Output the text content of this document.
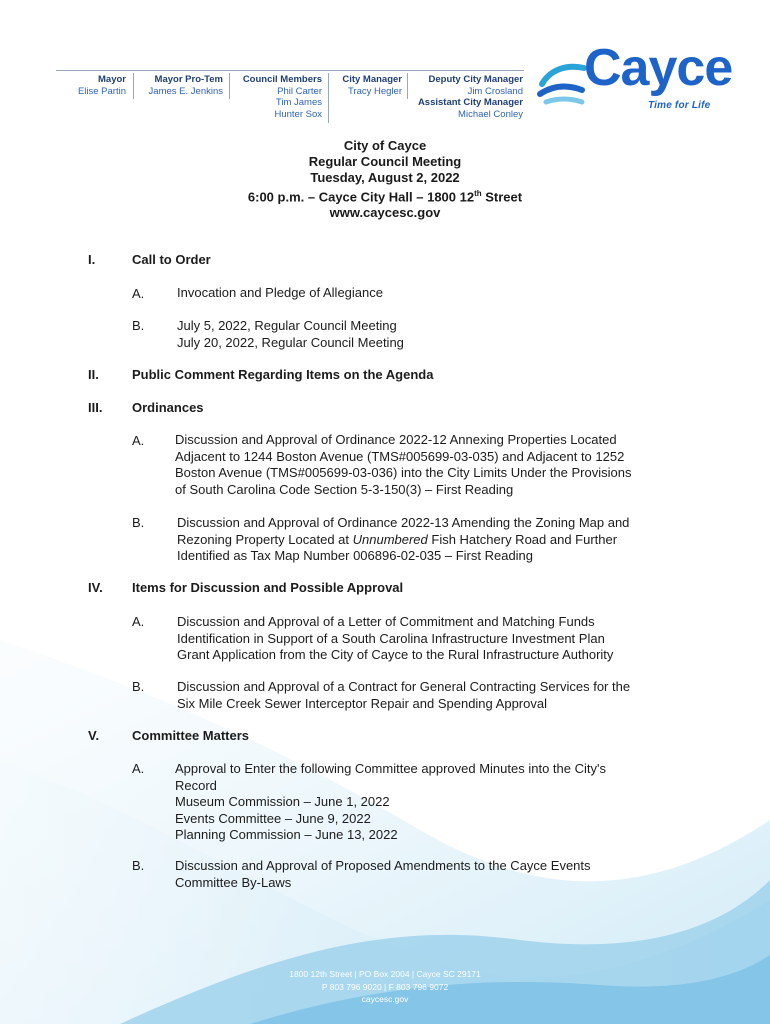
Mayor
Elise Partin
Mayor Pro-Tem
James E. Jenkins
Council Members
Phil Carter
Tim James
Hunter Sox
City Manager
Tracy Hegler
Deputy City Manager
Jim Crosland
Assistant City Manager
Michael Conley
Cayce
Time for Life
City of Cayce
Regular Council Meeting
Tuesday, August 2, 2022
6:00 p.m. – Cayce City Hall – 1800 12th Street
www.caycesc.gov
I.	Call to Order
A.	Invocation and Pledge of Allegiance
B.	July 5, 2022, Regular Council Meeting
July 20, 2022, Regular Council Meeting
II.	Public Comment Regarding Items on the Agenda
III. Ordinances
A. Discussion and Approval of Ordinance 2022-12 Annexing Properties Located
Adjacent to 1244 Boston Avenue (TMS#005699-03-035) and Adjacent to 1252
Boston Avenue (TMS#005699-03-036) into the City Limits Under the Provisions
of South Carolina Code Section 5-3-150(3) – First Reading
B.	Discussion and Approval of Ordinance 2022-13 Amending the Zoning Map and
Rezoning Property Located at Unnumbered Fish Hatchery Road and Further
Identified as Tax Map Number 006896-02-035 – First Reading
IV. Items for Discussion and Possible Approval
A.	Discussion and Approval of a Letter of Commitment and Matching Funds
Identification in Support of a South Carolina Infrastructure Investment Plan
Grant Application from the City of Cayce to the Rural Infrastructure Authority
B.	Discussion and Approval of a Contract for General Contracting Services for the
Six Mile Creek Sewer Interceptor Repair and Spending Approval
V.	Committee Matters
A. Approval to Enter the following Committee approved Minutes into the City's
Record
Museum Commission – June 1, 2022
Events Committee – June 9, 2022
Planning Commission – June 13, 2022
B. Discussion and Approval of Proposed Amendments to the Cayce Events
Committee By-Laws
1800 12th Street | PO Box 2004 | Cayce SC 29171
P 803 796 9020 | F 803 796 9072
caycesc.gov
